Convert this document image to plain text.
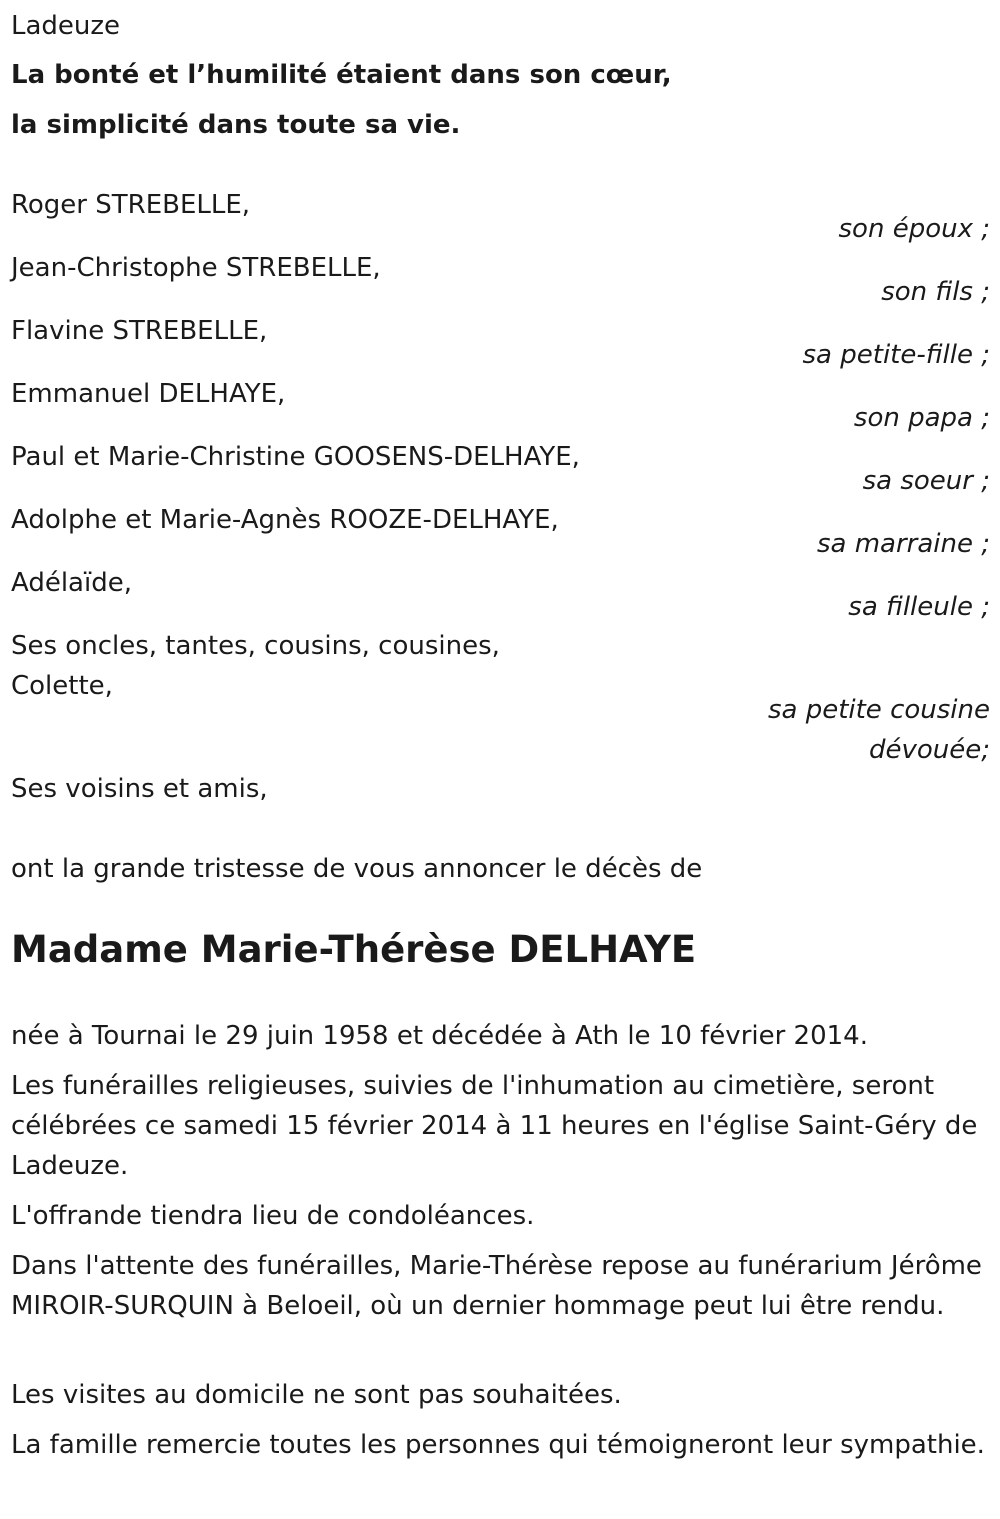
Ladeuze
La bonté et l’humilité étaient dans son cœur,
la simplicité dans toute sa vie.
Roger STREBELLE,
son époux ;
Jean-Christophe STREBELLE,
son fils ;
Flavine STREBELLE,
sa petite-fille ;
Emmanuel DELHAYE,
son papa ;
Paul et Marie-Christine GOOSENS-DELHAYE,
sa soeur ;
Adolphe et Marie-Agnès ROOZE-DELHAYE,
sa marraine ;
Adélaïde,
sa filleule ;
Ses oncles, tantes, cousins, cousines,
Colette,
sa petite cousine
dévouée;
Ses voisins et amis,
ont la grande tristesse de vous annoncer le décès de
Madame Marie-Thérèse DELHAYE
née à Tournai le 29 juin 1958 et décédée à Ath le 10 février 2014.
Les funérailles religieuses, suivies de l'inhumation au cimetière, seront célébrées ce samedi 15 février 2014 à 11 heures en l'église Saint-Géry de Ladeuze.
L'offrande tiendra lieu de condoléances.
Dans l'attente des funérailles, Marie-Thérèse repose au funérarium Jérôme MIROIR-SURQUIN à Beloeil, où un dernier hommage peut lui être rendu.
Les visites au domicile ne sont pas souhaitées.
La famille remercie toutes les personnes qui témoigneront leur sympathie.
